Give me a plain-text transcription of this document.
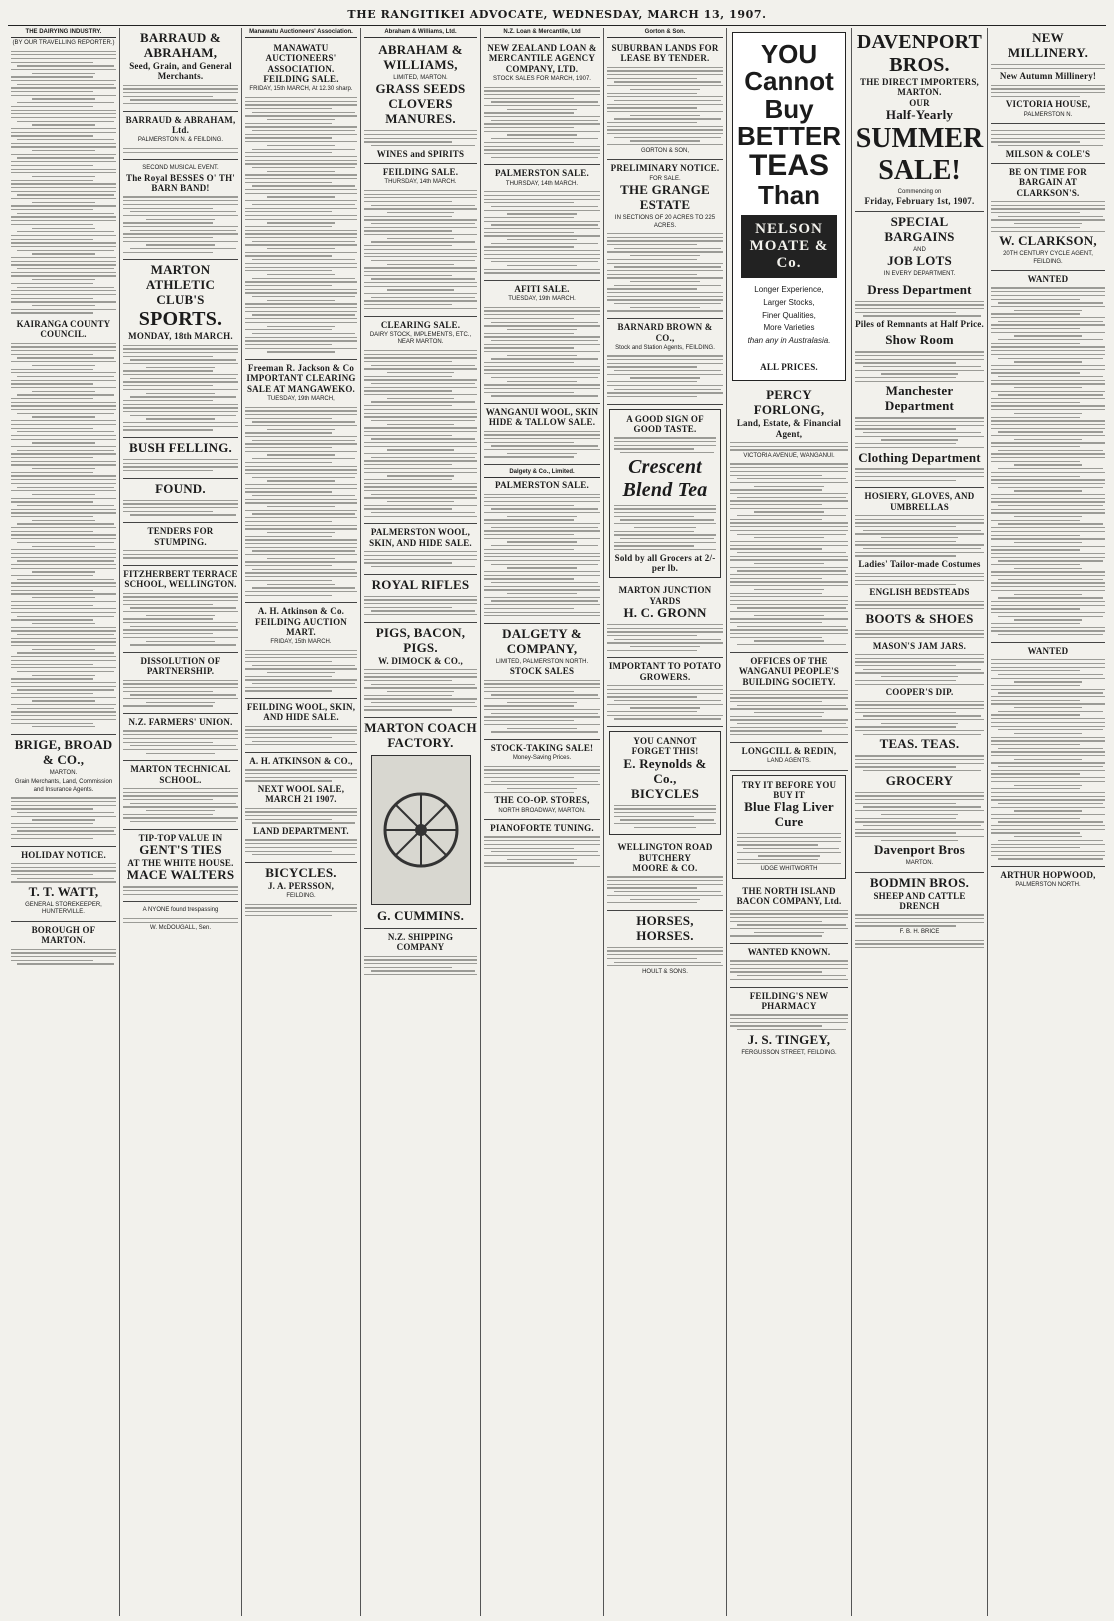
THE RANGITIKEI ADVOCATE, WEDNESDAY, MARCH 13, 1907.
THE DAIRYING INDUSTRY.
(BY OUR TRAVELLING REPORTER.)
KAIRANGA COUNTY COUNCIL.
BRIGE, BROAD & CO.,
MARTON.
Grain Merchants, Land, Commission and Insurance Agents.
HOLIDAY NOTICE.
T. T. WATT,
GENERAL STOREKEEPER, HUNTERVILLE.
BOROUGH OF MARTON.
BARRAUD & ABRAHAM,
Seed, Grain, and General Merchants.
BARRAUD & ABRAHAM, Ltd.
PALMERSTON N. & FEILDING.
SECOND MUSICAL EVENT.
The Royal BESSES O' TH' BARN BAND!
MARTON ATHLETIC CLUB'S
SPORTS.
MONDAY, 18th MARCH.
BUSH FELLING.
FOUND.
TENDERS FOR STUMPING.
FITZHERBERT TERRACE SCHOOL, WELLINGTON.
DISSOLUTION OF PARTNERSHIP.
N.Z. FARMERS' UNION.
MARTON TECHNICAL SCHOOL.
TIP-TOP VALUE IN
GENT'S TIES
AT THE WHITE HOUSE.
MACE WALTERS
A NYONE found trespassing
W. McDOUGALL, Sen.
Manawatu Auctioneers' Association.
MANAWATU AUCTIONEERS' ASSOCIATION.
FEILDING SALE.
FRIDAY, 15th MARCH, At 12.30 sharp.
Freeman R. Jackson & Co
IMPORTANT CLEARING SALE AT MANGAWEKO.
TUESDAY, 19th MARCH,
A. H. Atkinson & Co.
FEILDING AUCTION MART.
FRIDAY, 15th MARCH.
FEILDING WOOL, SKIN, AND HIDE SALE.
A. H. ATKINSON & CO.,
NEXT WOOL SALE, MARCH 21 1907.
LAND DEPARTMENT.
BICYCLES.
J. A. PERSSON,
FEILDING.
Abraham & Williams, Ltd.
ABRAHAM & WILLIAMS,
LIMITED, MARTON.
GRASS SEEDS
CLOVERS
MANURES.
WINES and SPIRITS
FEILDING SALE.
THURSDAY, 14th MARCH.
CLEARING SALE.
DAIRY STOCK, IMPLEMENTS, ETC., NEAR MARTON.
PALMERSTON WOOL, SKIN, AND HIDE SALE.
ROYAL RIFLES
PIGS, BACON, PIGS.
W. DIMOCK & CO.,
MARTON COACH FACTORY.
G. CUMMINS.
N.Z. SHIPPING COMPANY
N.Z. Loan & Mercantile, Ltd
NEW ZEALAND LOAN & MERCANTILE AGENCY COMPANY, LTD.
STOCK SALES FOR MARCH, 1907.
PALMERSTON SALE.
THURSDAY, 14th MARCH.
AFITI SALE.
TUESDAY, 19th MARCH.
WANGANUI WOOL, SKIN HIDE & TALLOW SALE.
Dalgety & Co., Limited.
PALMERSTON SALE.
DALGETY & COMPANY,
LIMITED, PALMERSTON NORTH.
STOCK SALES
STOCK-TAKING SALE!
Money-Saving Prices.
THE CO-OP. STORES,
NORTH BROADWAY, MARTON.
PIANOFORTE TUNING.
Gorton & Son.
SUBURBAN LANDS FOR LEASE BY TENDER.
GORTON & SON,
PRELIMINARY NOTICE.
FOR SALE.
THE GRANGE ESTATE
IN SECTIONS OF 20 ACRES TO 225 ACRES.
BARNARD BROWN & CO.,
Stock and Station Agents, FEILDING.
A GOOD SIGN OF GOOD TASTE.
Crescent Blend Tea
Sold by all Grocers at 2/- per lb.
MARTON JUNCTION YARDS
H. C. GRONN
IMPORTANT TO POTATO GROWERS.
YOU CANNOT FORGET THIS!
E. Reynolds & Co.,
BICYCLES
WELLINGTON ROAD BUTCHERY
MOORE & CO.
HORSES, HORSES.
HOULT & SONS.
YOU
Cannot
Buy
BETTER
TEAS
Than
NELSON MOATE & Co.
Longer Experience,
Larger Stocks,
Finer Qualities,
More Varieties
than any in Australasia.
ALL PRICES.
PERCY FORLONG,
Land, Estate, & Financial Agent,
VICTORIA AVENUE, WANGANUI.
OFFICES OF THE WANGANUI PEOPLE'S BUILDING SOCIETY.
LONGCILL & REDIN,
LAND AGENTS.
TRY IT BEFORE YOU BUY IT
Blue Flag Liver Cure
UDGE WHITWORTH
THE NORTH ISLAND BACON COMPANY, Ltd.
WANTED KNOWN.
FEILDING'S NEW PHARMACY
J. S. TINGEY,
FERGUSSON STREET, FEILDING.
DAVENPORT BROS.
THE DIRECT IMPORTERS, MARTON.
OUR
Half-Yearly
SUMMER
SALE!
Commencing on
Friday, February 1st, 1907.
SPECIAL BARGAINS
AND
JOB LOTS
IN EVERY DEPARTMENT.
Dress Department
Piles of Remnants at Half Price.
Show Room
Manchester Department
Clothing Department
HOSIERY, GLOVES, AND UMBRELLAS
Ladies' Tailor-made Costumes
ENGLISH BEDSTEADS
BOOTS & SHOES
MASON'S JAM JARS.
COOPER'S DIP.
TEAS. TEAS.
GROCERY
Davenport Bros
MARTON.
BODMIN BROS.
SHEEP AND CATTLE DRENCH
F. B. H. BRICE
NEW
MILLINERY.
New Autumn Millinery!
VICTORIA HOUSE,
PALMERSTON N.
MILSON & COLE'S
BE ON TIME FOR BARGAIN AT CLARKSON'S.
W. CLARKSON,
20TH CENTURY CYCLE AGENT, FEILDING.
WANTED
WANTED
ARTHUR HOPWOOD,
PALMERSTON NORTH.
